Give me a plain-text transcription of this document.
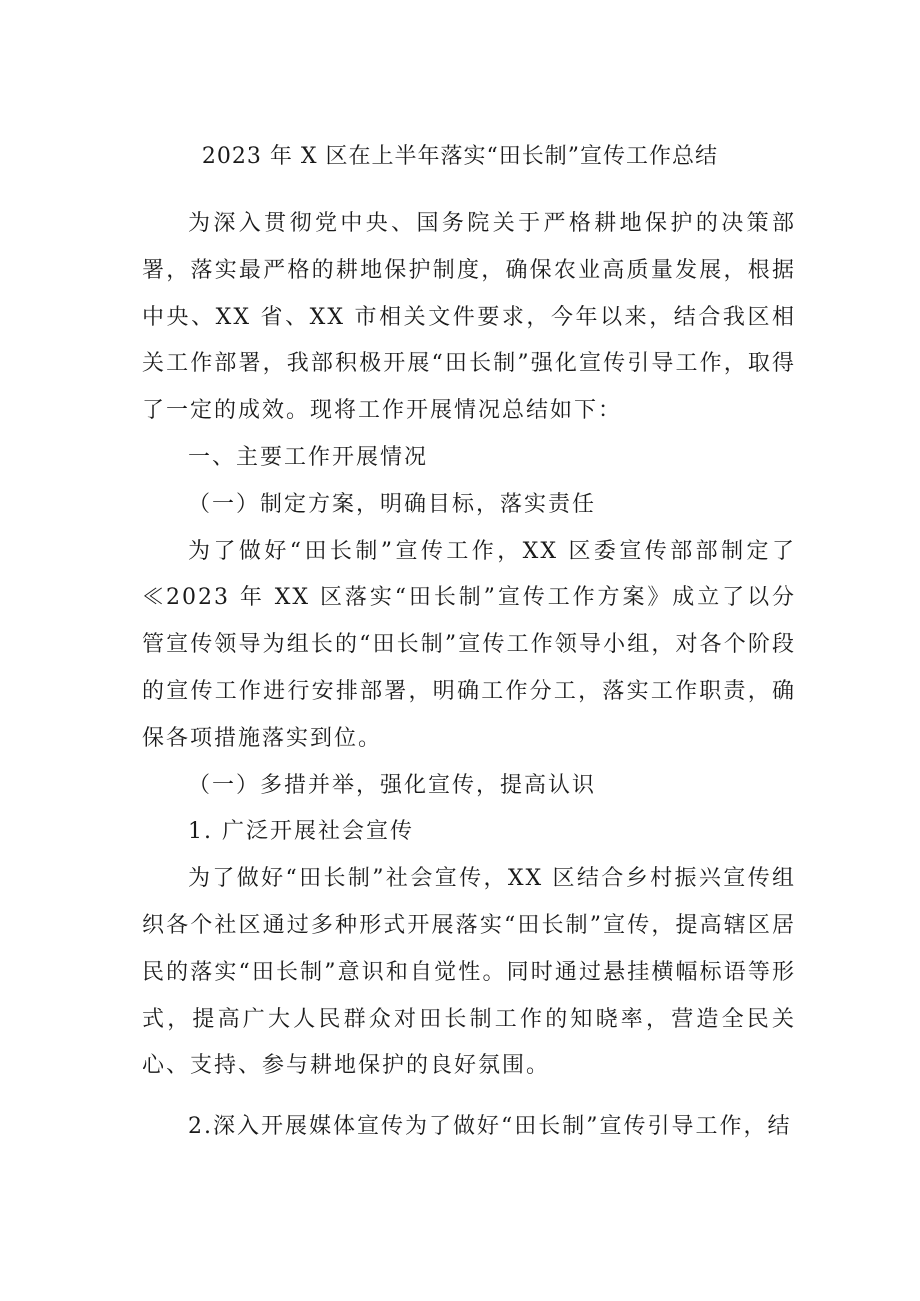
2023 年 X 区在上半年落实“田长制”宣传工作总结

为深入贯彻党中央、国务院关于严格耕地保护的决策部署，落实最严格的耕地保护制度，确保农业高质量发展，根据中央、XX 省、XX 市相关文件要求，今年以来，结合我区相关工作部署，我部积极开展“田长制”强化宣传引导工作，取得了一定的成效。现将工作开展情况总结如下：

一、主要工作开展情况

（一）制定方案，明确目标，落实责任

为了做好“田长制”宣传工作，XX 区委宣传部部制定了≪2023 年 XX 区落实“田长制”宣传工作方案》成立了以分管宣传领导为组长的“田长制”宣传工作领导小组，对各个阶段的宣传工作进行安排部署，明确工作分工，落实工作职责，确保各项措施落实到位。

（一）多措并举，强化宣传，提高认识

1. 广泛开展社会宣传

为了做好“田长制”社会宣传，XX 区结合乡村振兴宣传组织各个社区通过多种形式开展落实“田长制”宣传，提高辖区居民的落实“田长制”意识和自觉性。同时通过悬挂横幅标语等形式，提高广大人民群众对田长制工作的知晓率，营造全民关心、支持、参与耕地保护的良好氛围。

2.深入开展媒体宣传为了做好“田长制”宣传引导工作，结
